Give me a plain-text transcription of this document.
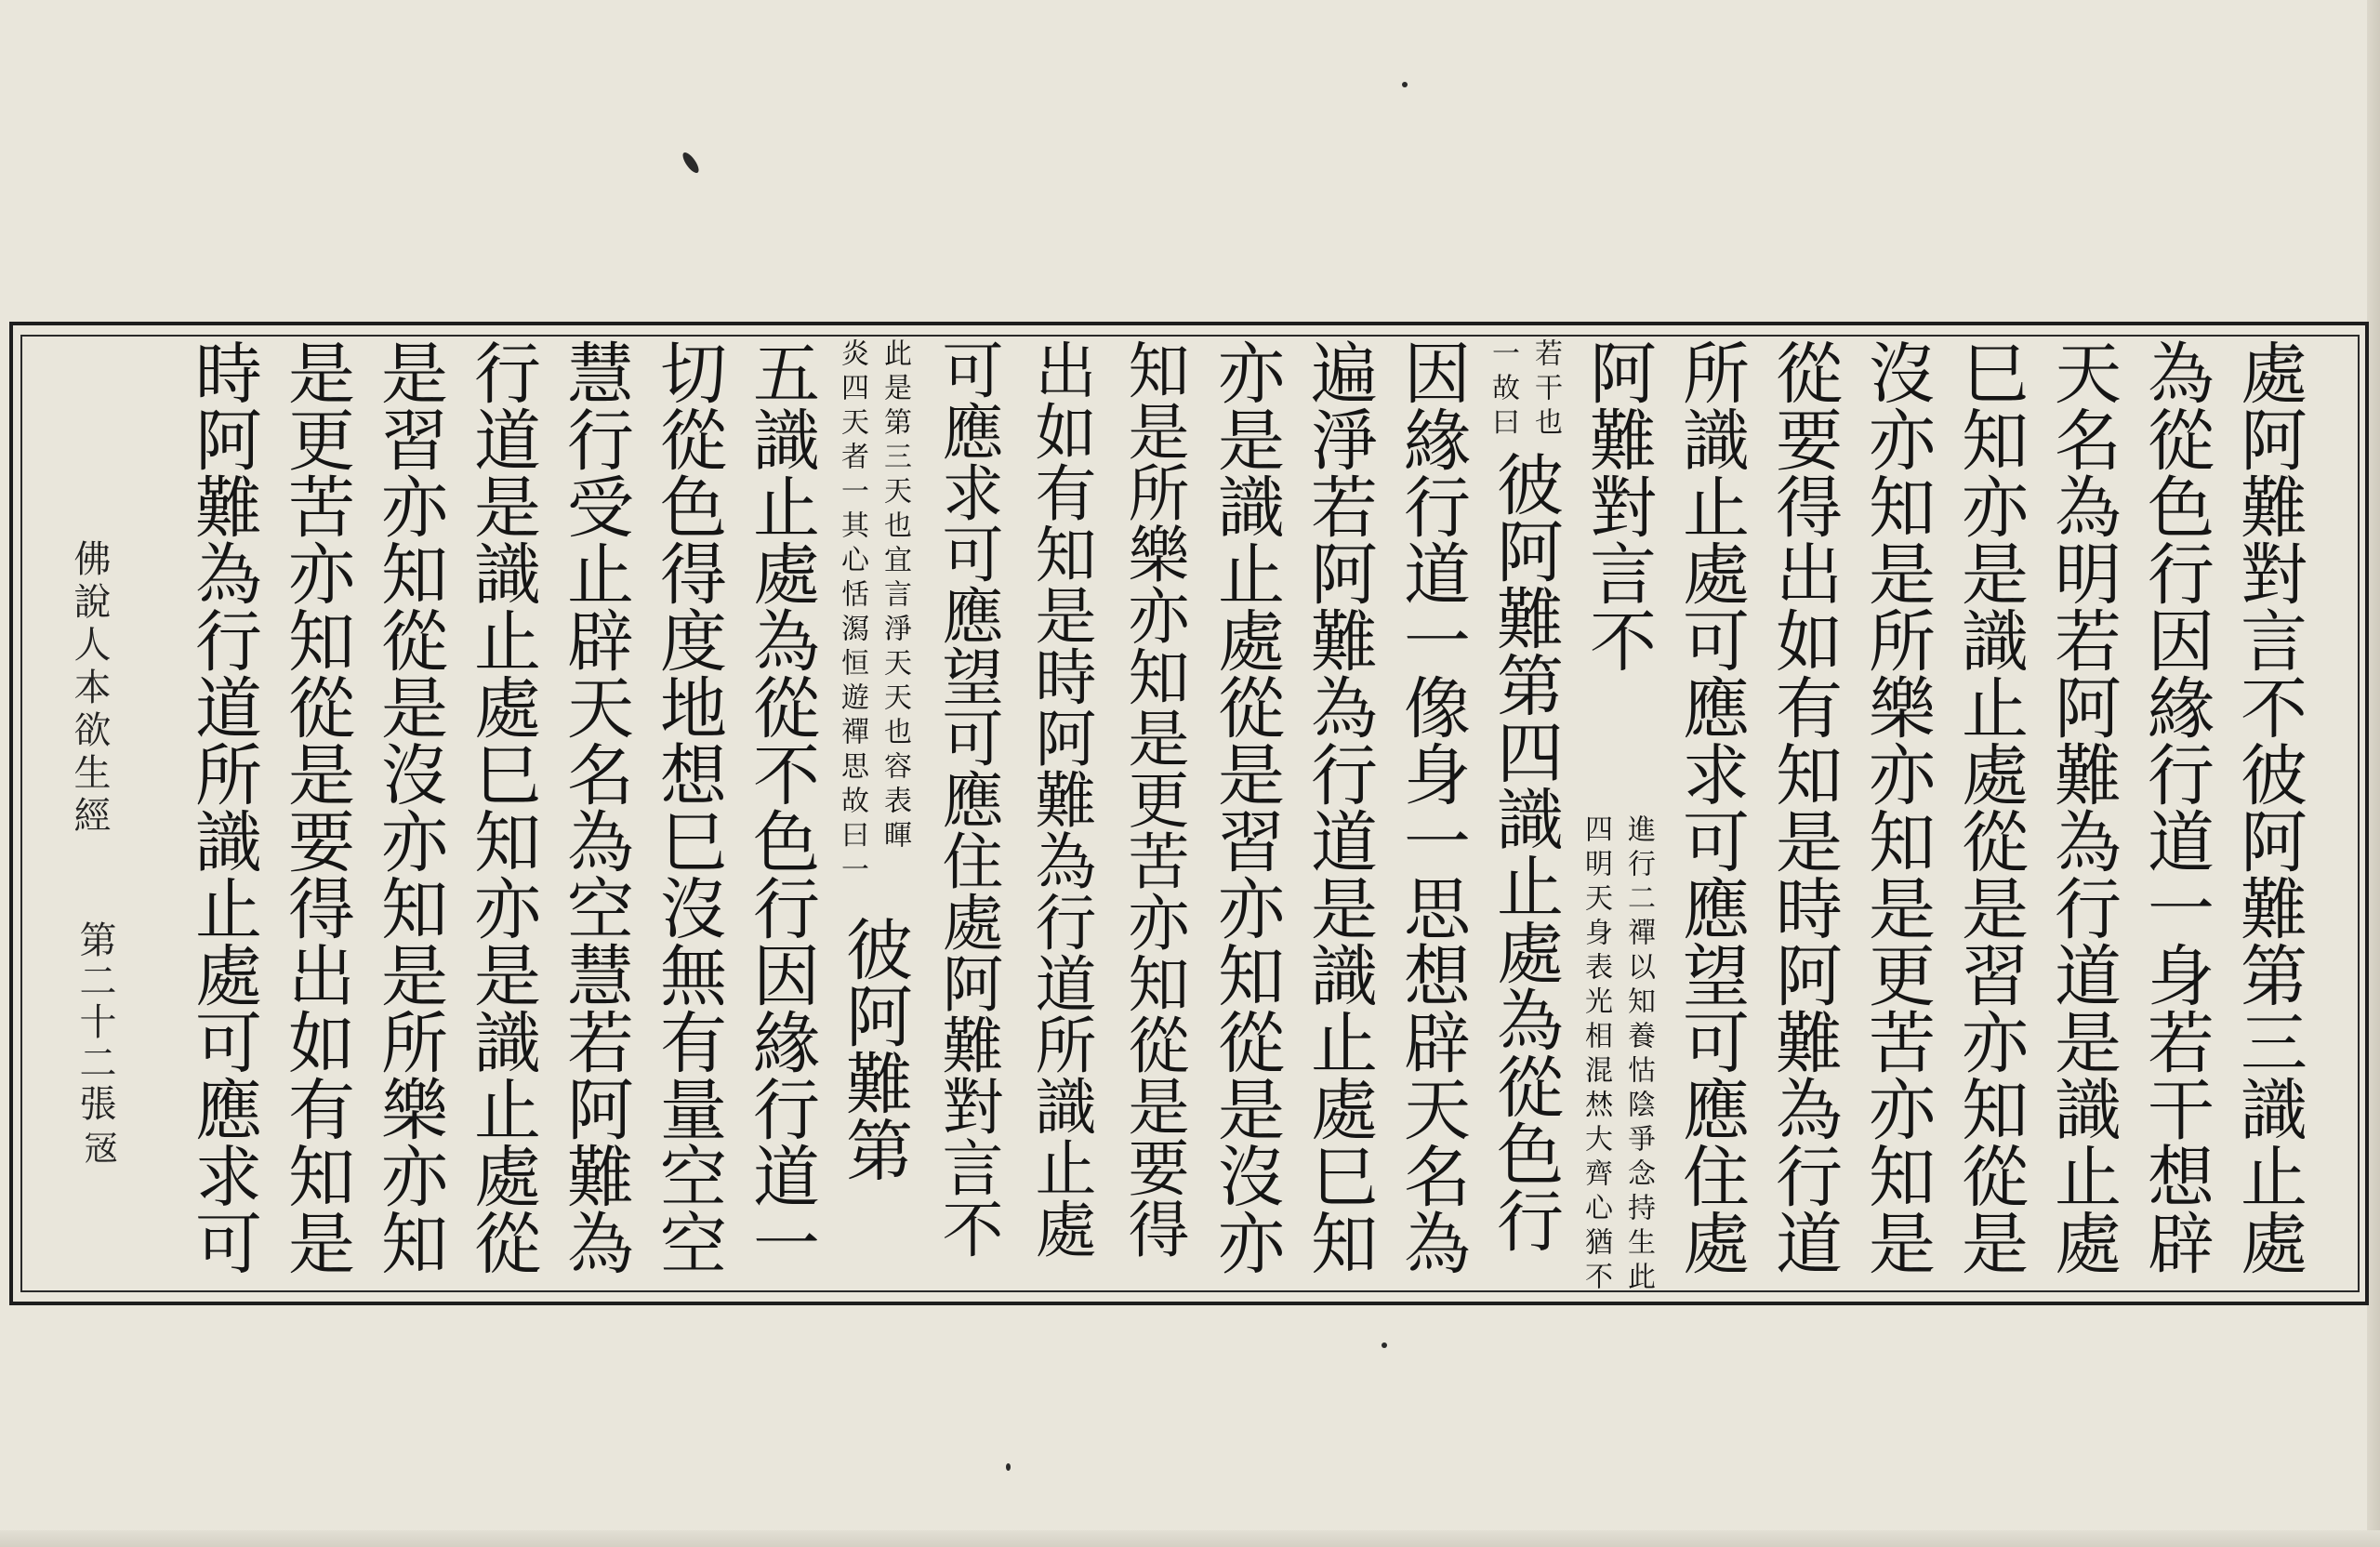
處阿難對言不彼阿難第三識止處
為從色行因緣行道一身若干想辟
天名為明若阿難為行道是識止處
巳知亦是識止處從是習亦知從是
沒亦知是所樂亦知是更苦亦知是
從要得出如有知是時阿難為行道
所識止處可應求可應望可應住處
阿難對言不
進行二禪以知養怙陰爭念持生此
四明天身表光相混㷊大齊心猶不
若干也
一故曰
彼阿難第四識止處為從色行
因緣行道一像身一思想辟天名為
遍淨若阿難為行道是識止處巳知
亦是識止處從是習亦知從是沒亦
知是所樂亦知是更苦亦知從是要得
出如有知是時阿難為行道所識止處
可應求可應望可應住處阿難對言不
此是第三天也宜言淨天天也容表暉
炎四天者一其心恬㵼恒遊禪思故曰一
彼阿難第
五識止處為從不色行因緣行道一
切從色得度地想巳沒無有量空空
慧行受止辟天名為空慧若阿難為
行道是識止處巳知亦是識止處從
是習亦知從是沒亦知是所樂亦知
是更苦亦知從是要得出如有知是
時阿難為行道所識止處可應求可
佛說人本欲生經
第二十二張
㓂
